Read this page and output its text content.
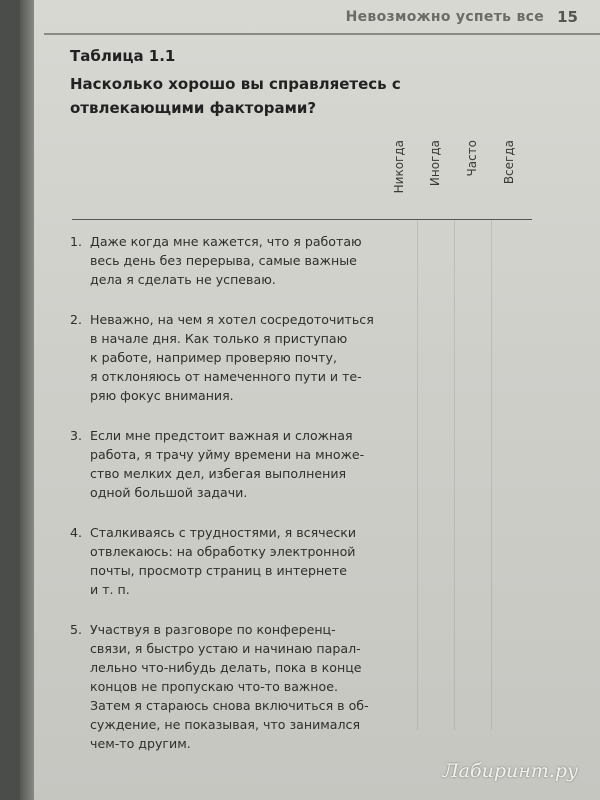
Невозможно успеть все 15
Таблица 1.1
Насколько хорошо вы справляетесь с отвлекающими факторами?
Никогда Иногда Часто Всегда
1. Даже когда мне кажется, что я работаю
весь день без перерыва, самые важные
дела я сделать не успеваю.
2. Неважно, на чем я хотел сосредоточиться
в начале дня. Как только я приступаю
к работе, например проверяю почту,
я отклоняюсь от намеченного пути и те-
ряю фокус внимания.
3. Если мне предстоит важная и сложная
работа, я трачу уйму времени на множе-
ство мелких дел, избегая выполнения
одной большой задачи.
4. Сталкиваясь с трудностями, я всячески
отвлекаюсь: на обработку электронной
почты, просмотр страниц в интернете
и т. п.
5. Участвуя в разговоре по конференц-
связи, я быстро устаю и начинаю парал-
лельно что-нибудь делать, пока в конце
концов не пропускаю что-то важное.
Затем я стараюсь снова включиться в об-
суждение, не показывая, что занимался
чем-то другим.
Лабиринт.ру
